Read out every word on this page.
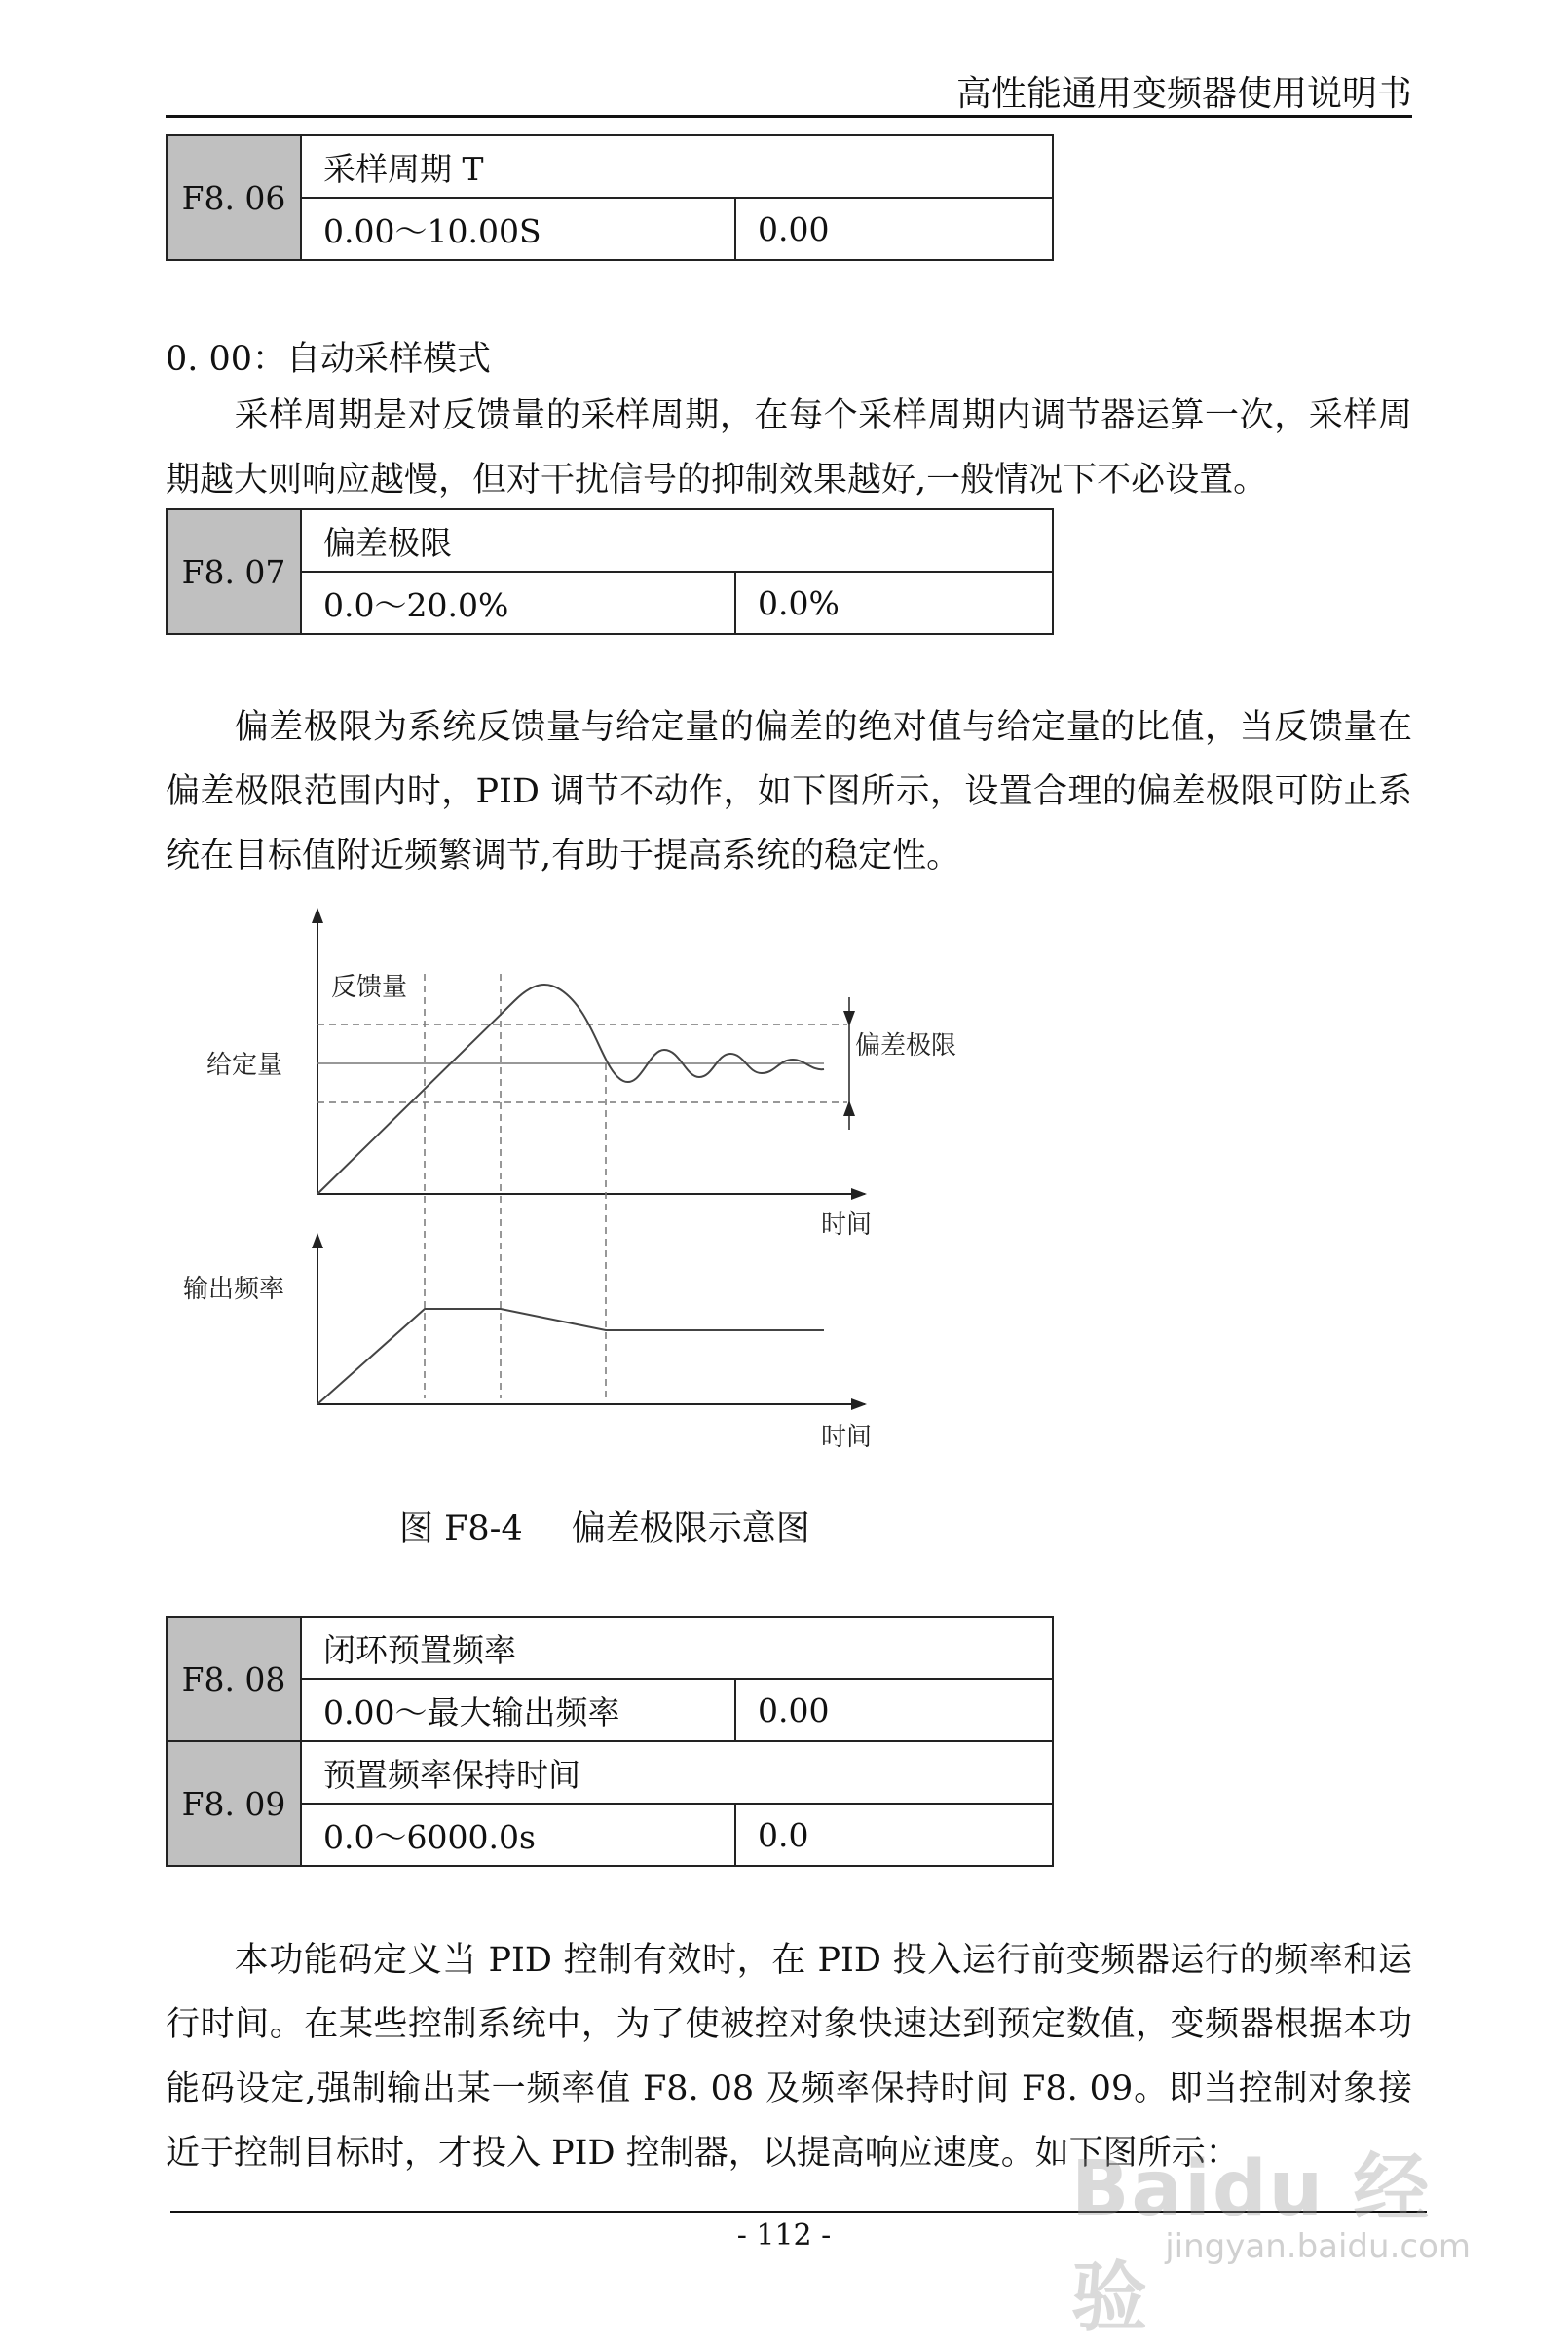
高性能通用变频器使用说明书
F8. 06	采样周期 T	
	0.00～10.00S	0.00

0. 00：自动采样模式

采样周期是对反馈量的采样周期，在每个采样周期内调节器运算一次，采样周期越大则响应越慢，但对干扰信号的抑制效果越好,一般情况下不必设置。

F8. 07	偏差极限	
	0.0～20.0%	0.0%

偏差极限为系统反馈量与给定量的偏差的绝对值与给定量的比值，当反馈量在偏差极限范围内时，PID 调节不动作，如下图所示，设置合理的偏差极限可防止系统在目标值附近频繁调节,有助于提高系统的稳定性。

反馈量
给定量
偏差极限
时间
输出频率
时间
图 F8-4 偏差极限示意图
F8. 08	闭环预置频率	
	0.00～最大输出频率	0.00
F8. 09	预置频率保持时间	
	0.0～6000.0s	0.0

本功能码定义当 PID 控制有效时，在 PID 投入运行前变频器运行的频率和运行时间。在某些控制系统中，为了使被控对象快速达到预定数值，变频器根据本功能码设定,强制输出某一频率值 F8. 08 及频率保持时间 F8. 09。即当控制对象接近于控制目标时，才投入 PID 控制器，以提高响应速度。如下图所示：

- 112 -
Baidu 经验
jingyan.baidu.com
